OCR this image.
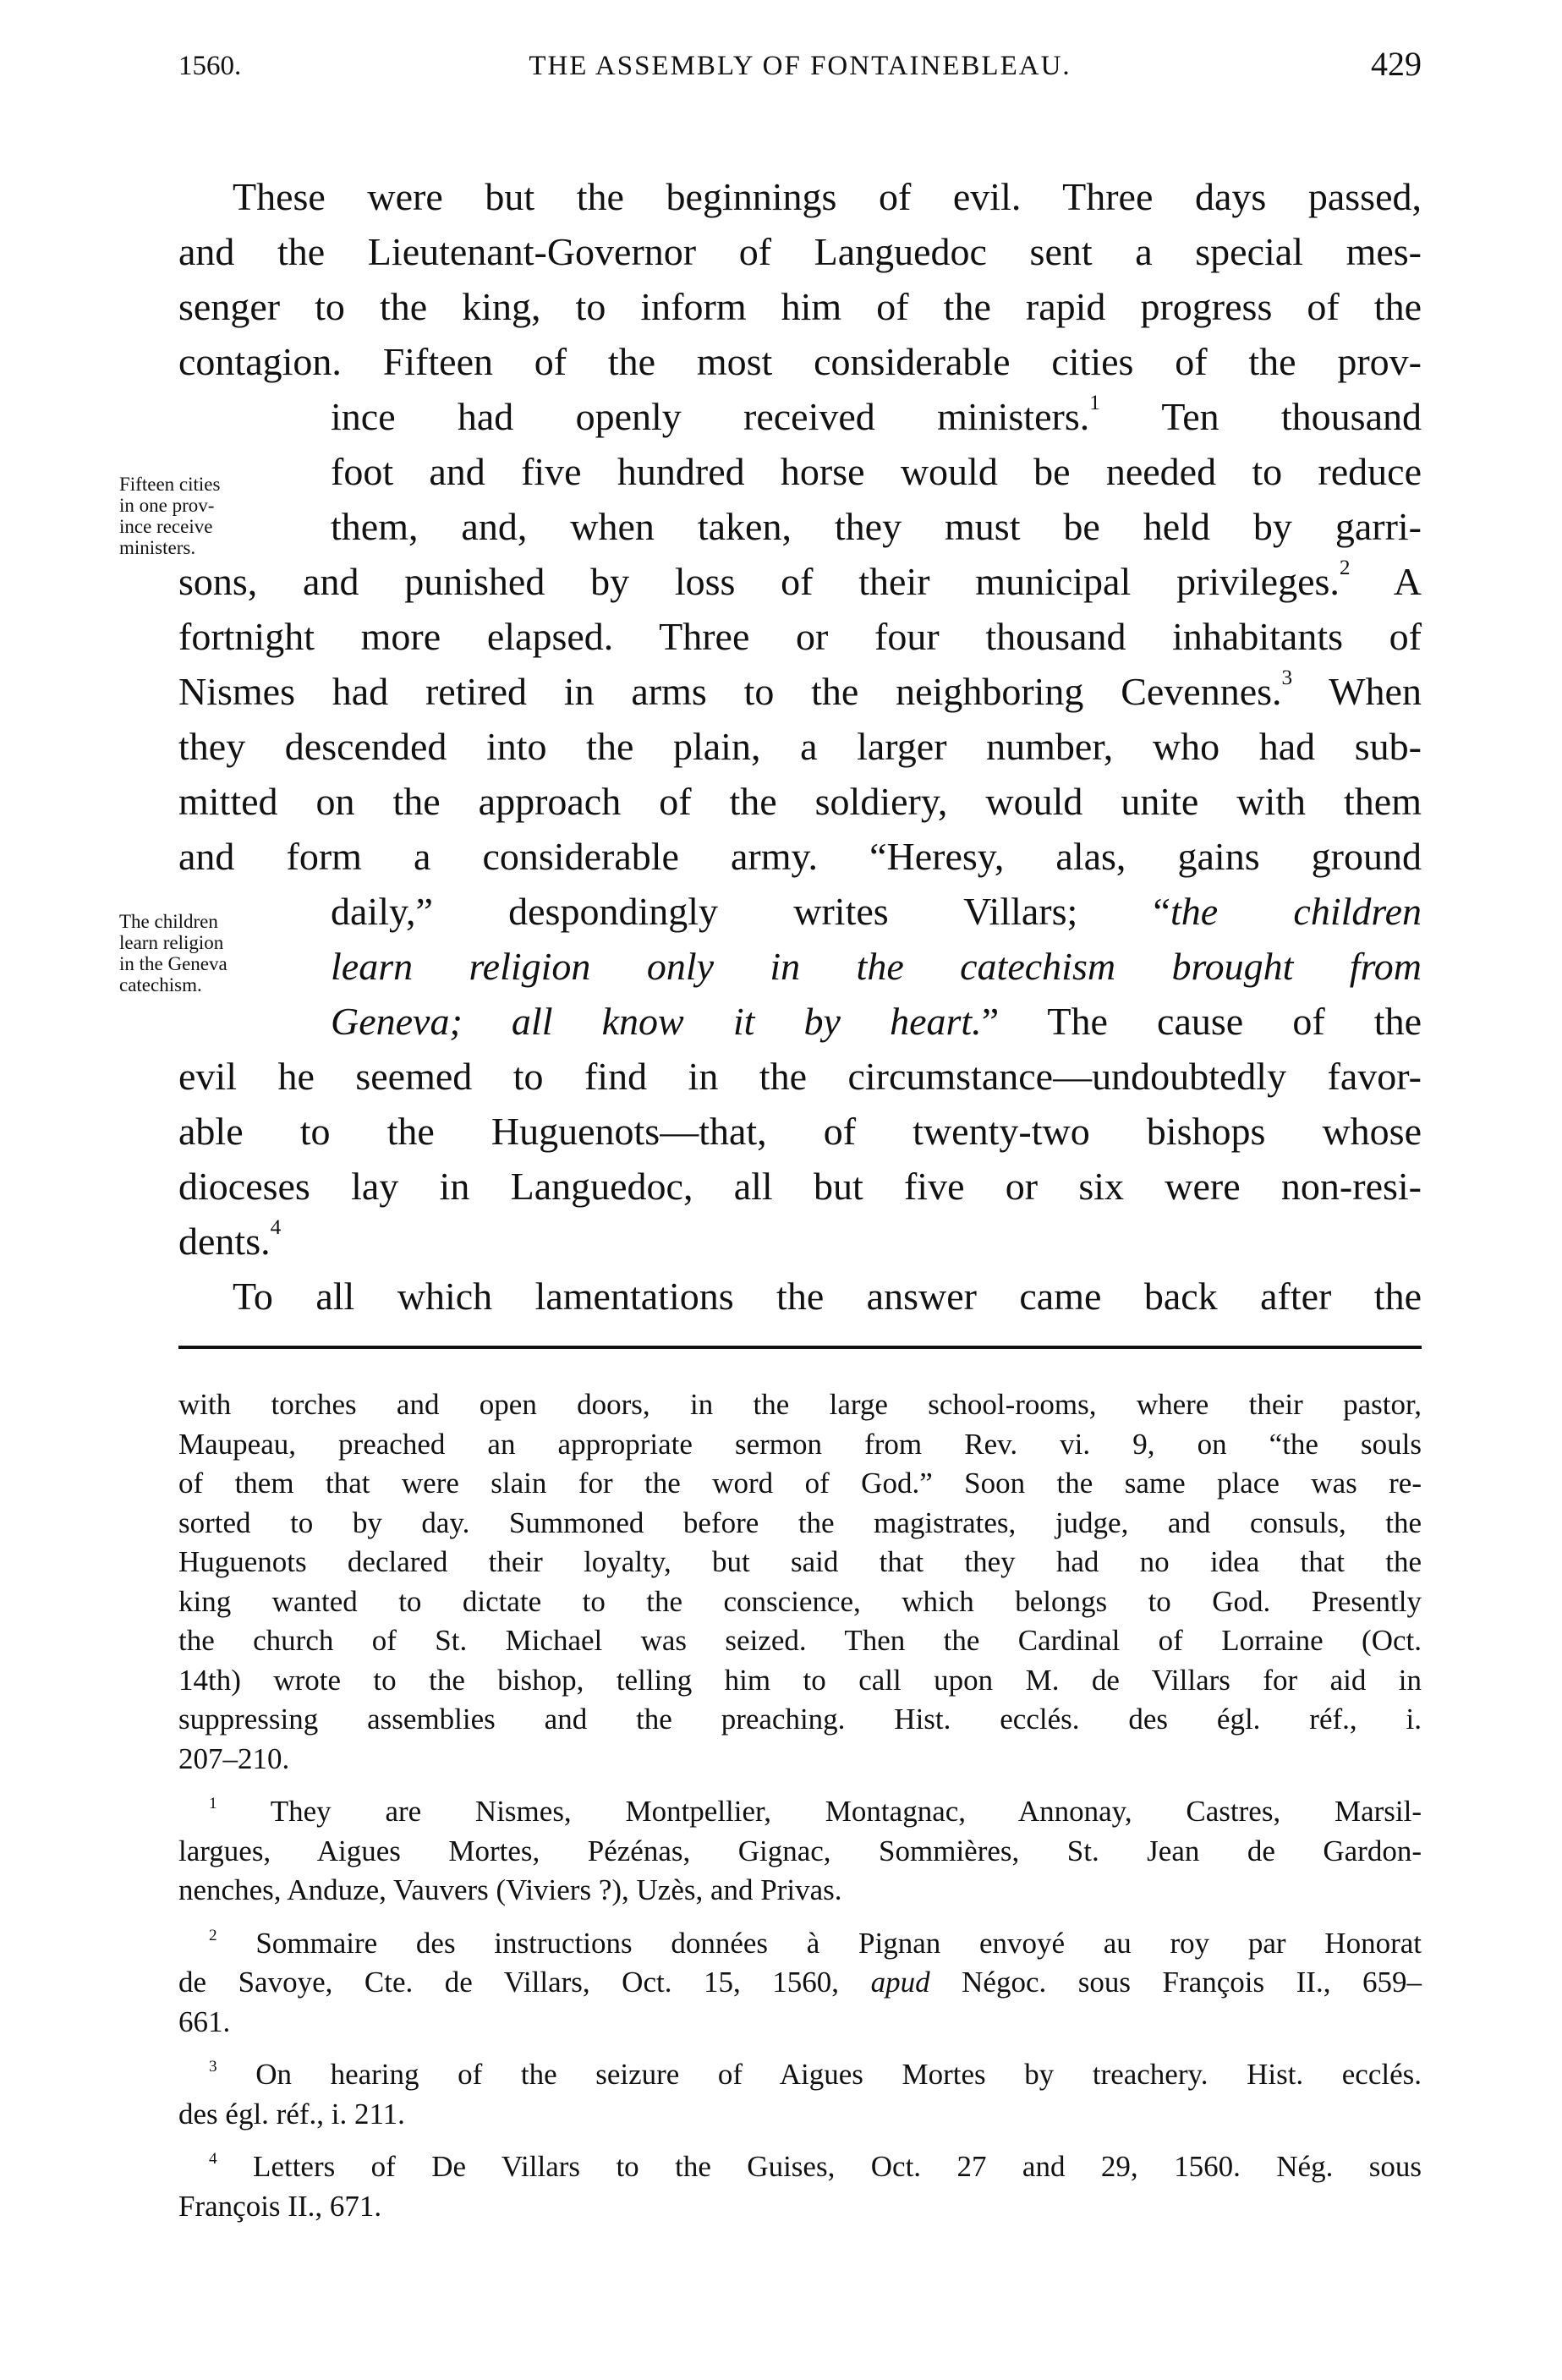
1560.	THE ASSEMBLY OF FONTAINEBLEAU.	429
These were but the beginnings of evil. Three days passed,
and the Lieutenant-Governor of Languedoc sent a special mes-
senger to the king, to inform him of the rapid progress of the
contagion. Fifteen of the most considerable cities of the prov-
ince had openly received ministers.$^1$ Ten thousand
foot and five hundred horse would be needed to reduce
them, and, when taken, they must be held by garri-
sons, and punished by loss of their municipal privileges.$^2$ A
fortnight more elapsed. Three or four thousand inhabitants of
Nismes had retired in arms to the neighboring Cevennes.$^3$ When
they descended into the plain, a larger number, who had sub-
mitted on the approach of the soldiery, would unite with them
and form a considerable army. “Heresy, alas, gains ground
daily,” despondingly writes Villars; “the children
learn religion only in the catechism brought from
Geneva; all know it by heart.” The cause of the
evil he seemed to find in the circumstance—undoubtedly favor-
able to the Huguenots—that, of twenty-two bishops whose
dioceses lay in Languedoc, all but five or six were non-resi-
dents.$^4$
To all which lamentations the answer came back after the
Fifteen cities
in one prov-
ince receive
ministers.
The children
learn religion
in the Geneva
catechism.
with torches and open doors, in the large school-rooms, where their pastor,
Maupeau, preached an appropriate sermon from Rev. vi. 9, on “the souls
of them that were slain for the word of God.” Soon the same place was re-
sorted to by day. Summoned before the magistrates, judge, and consuls, the
Huguenots declared their loyalty, but said that they had no idea that the
king wanted to dictate to the conscience, which belongs to God. Presently
the church of St. Michael was seized. Then the Cardinal of Lorraine (Oct.
14th) wrote to the bishop, telling him to call upon M. de Villars for aid in
suppressing assemblies and the preaching. Hist. ecclés. des égl. réf., i.
207–210.
$^1$ They are Nismes, Montpellier, Montagnac, Annonay, Castres, Marsil-
largues, Aigues Mortes, Pézénas, Gignac, Sommières, St. Jean de Gardon-
nenches, Anduze, Vauvers (Viviers ?), Uzès, and Privas.
$^2$ Sommaire des instructions données à Pignan envoyé au roy par Honorat
de Savoye, Cte. de Villars, Oct. 15, 1560, apud Négoc. sous François II., 659–
661.
$^3$ On hearing of the seizure of Aigues Mortes by treachery. Hist. ecclés.
des égl. réf., i. 211.
$^4$ Letters of De Villars to the Guises, Oct. 27 and 29, 1560. Nég. sous
François II., 671.
